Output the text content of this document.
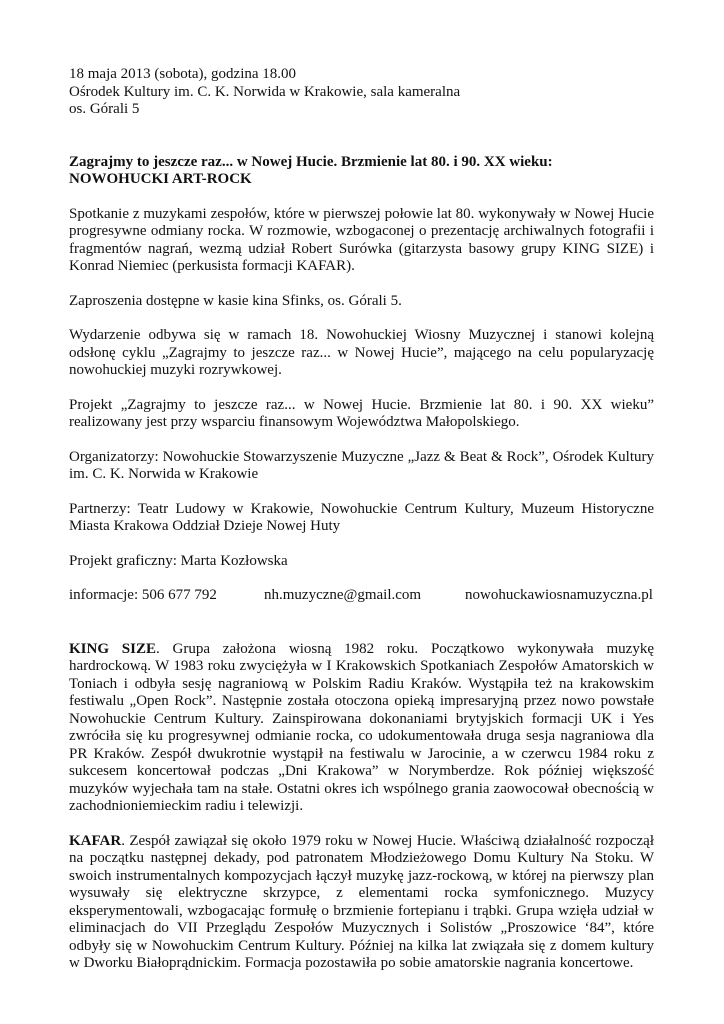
18 maja 2013 (sobota), godzina 18.00

Ośrodek Kultury im. C. K. Norwida w Krakowie, sala kameralna

os. Górali 5

Zagrajmy to jeszcze raz... w Nowej Hucie. Brzmienie lat 80. i 90. XX wieku:

NOWOHUCKI ART-ROCK

Spotkanie z muzykami zespołów, które w pierwszej połowie lat 80. wykonywały w Nowej Hucie progresywne odmiany rocka. W rozmowie, wzbogaconej o prezentację archiwalnych fotografii i fragmentów nagrań, wezmą udział Robert Surówka (gitarzysta basowy grupy KING SIZE) i Konrad Niemiec (perkusista formacji KAFAR).

Zaproszenia dostępne w kasie kina Sfinks, os. Górali 5.

Wydarzenie odbywa się w ramach 18. Nowohuckiej Wiosny Muzycznej i stanowi kolejną odsłonę cyklu „Zagrajmy to jeszcze raz... w Nowej Hucie”, mającego na celu popularyzację nowohuckiej muzyki rozrywkowej.

Projekt „Zagrajmy to jeszcze raz... w Nowej Hucie. Brzmienie lat 80. i 90. XX wieku” realizowany jest przy wsparciu finansowym Województwa Małopolskiego.

Organizatorzy: Nowohuckie Stowarzyszenie Muzyczne „Jazz & Beat & Rock”, Ośrodek Kultury im. C. K. Norwida w Krakowie

Partnerzy: Teatr Ludowy w Krakowie, Nowohuckie Centrum Kultury, Muzeum Historyczne Miasta Krakowa Oddział Dzieje Nowej Huty

Projekt graficzny: Marta Kozłowska

informacje: 506 677 792	nh.muzyczne@gmail.com	nowohuckawiosnamuzyczna.pl

KING SIZE. Grupa założona wiosną 1982 roku. Początkowo wykonywała muzykę hardrockową. W 1983 roku zwyciężyła w I Krakowskich Spotkaniach Zespołów Amatorskich w Toniach i odbyła sesję nagraniową w Polskim Radiu Kraków. Wystąpiła też na krakowskim festiwalu „Open Rock”. Następnie została otoczona opieką impresaryjną przez nowo powstałe Nowohuckie Centrum Kultury. Zainspirowana dokonaniami brytyjskich formacji UK i Yes zwróciła się ku progresywnej odmianie rocka, co udokumentowała druga sesja nagraniowa dla PR Kraków. Zespół dwukrotnie wystąpił na festiwalu w Jarocinie, a w czerwcu 1984 roku z sukcesem koncertował podczas „Dni Krakowa” w Norymberdze. Rok później większość muzyków wyjechała tam na stałe. Ostatni okres ich wspólnego grania zaowocował obecnością w zachodnioniemieckim radiu i telewizji.

KAFAR. Zespół zawiązał się około 1979 roku w Nowej Hucie. Właściwą działalność rozpoczął na początku następnej dekady, pod patronatem Młodzieżowego Domu Kultury Na Stoku. W swoich instrumentalnych kompozycjach łączył muzykę jazz-rockową, w której na pierwszy plan wysuwały się elektryczne skrzypce, z elementami rocka symfonicznego. Muzycy eksperymentowali, wzbogacając formułę o brzmienie fortepianu i trąbki. Grupa wzięła udział w eliminacjach do VII Przeglądu Zespołów Muzycznych i Solistów „Proszowice ‘84”, które odbyły się w Nowohuckim Centrum Kultury. Później na kilka lat związała się z domem kultury w Dworku Białoprądnickim. Formacja pozostawiła po sobie amatorskie nagrania koncertowe.
